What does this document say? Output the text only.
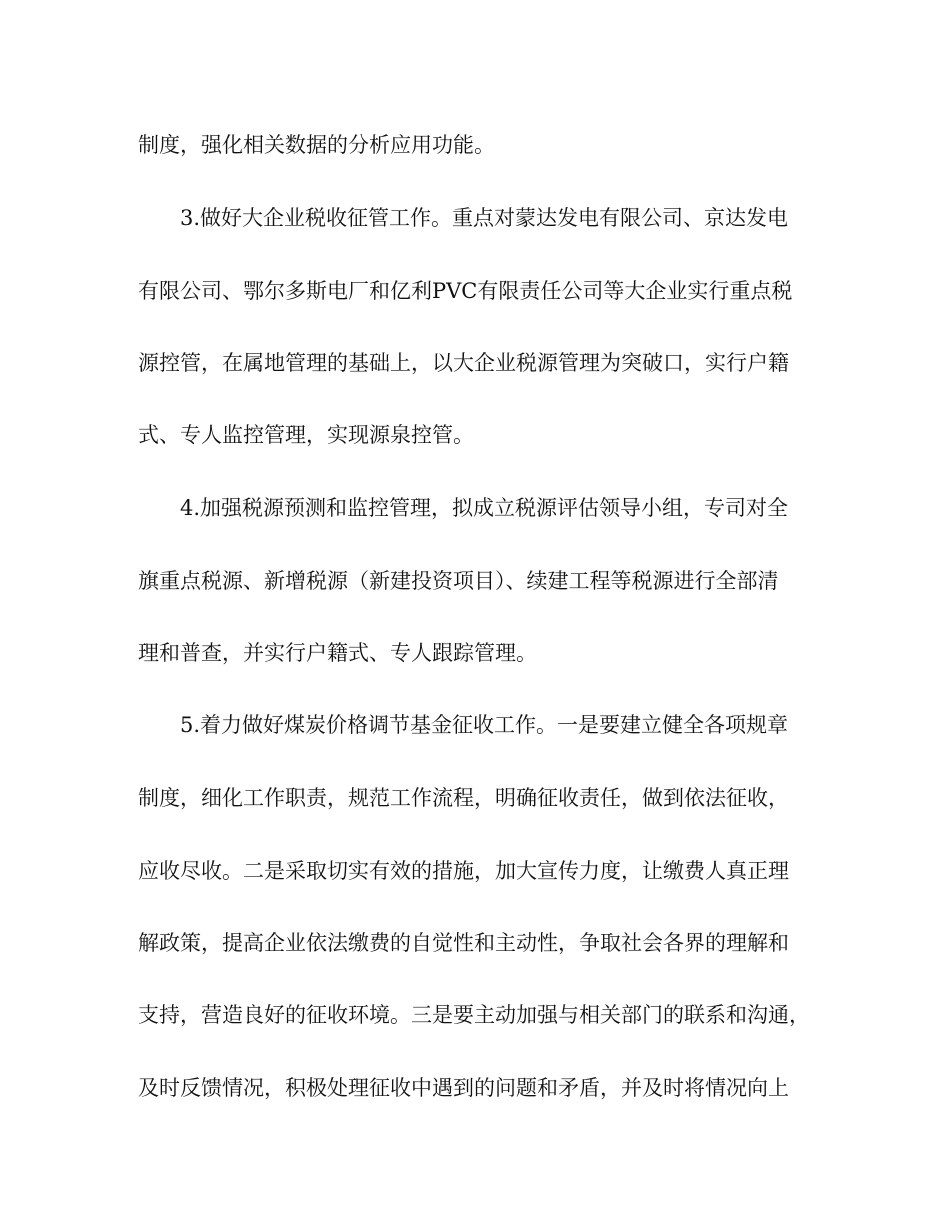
制度，强化相关数据的分析应用功能。
3.做好大企业税收征管工作。重点对蒙达发电有限公司、京达发电
有限公司、鄂尔多斯电厂和亿利PVC有限责任公司等大企业实行重点税
源控管，在属地管理的基础上，以大企业税源管理为突破口，实行户籍
式、专人监控管理，实现源泉控管。
4.加强税源预测和监控管理，拟成立税源评估领导小组，专司对全
旗重点税源、新增税源（新建投资项目）、续建工程等税源进行全部清
理和普查，并实行户籍式、专人跟踪管理。
5.着力做好煤炭价格调节基金征收工作。一是要建立健全各项规章
制度，细化工作职责，规范工作流程，明确征收责任，做到依法征收，
应收尽收。二是采取切实有效的措施，加大宣传力度，让缴费人真正理
解政策，提高企业依法缴费的自觉性和主动性，争取社会各界的理解和
支持，营造良好的征收环境。三是要主动加强与相关部门的联系和沟通，
及时反馈情况，积极处理征收中遇到的问题和矛盾，并及时将情况向上
